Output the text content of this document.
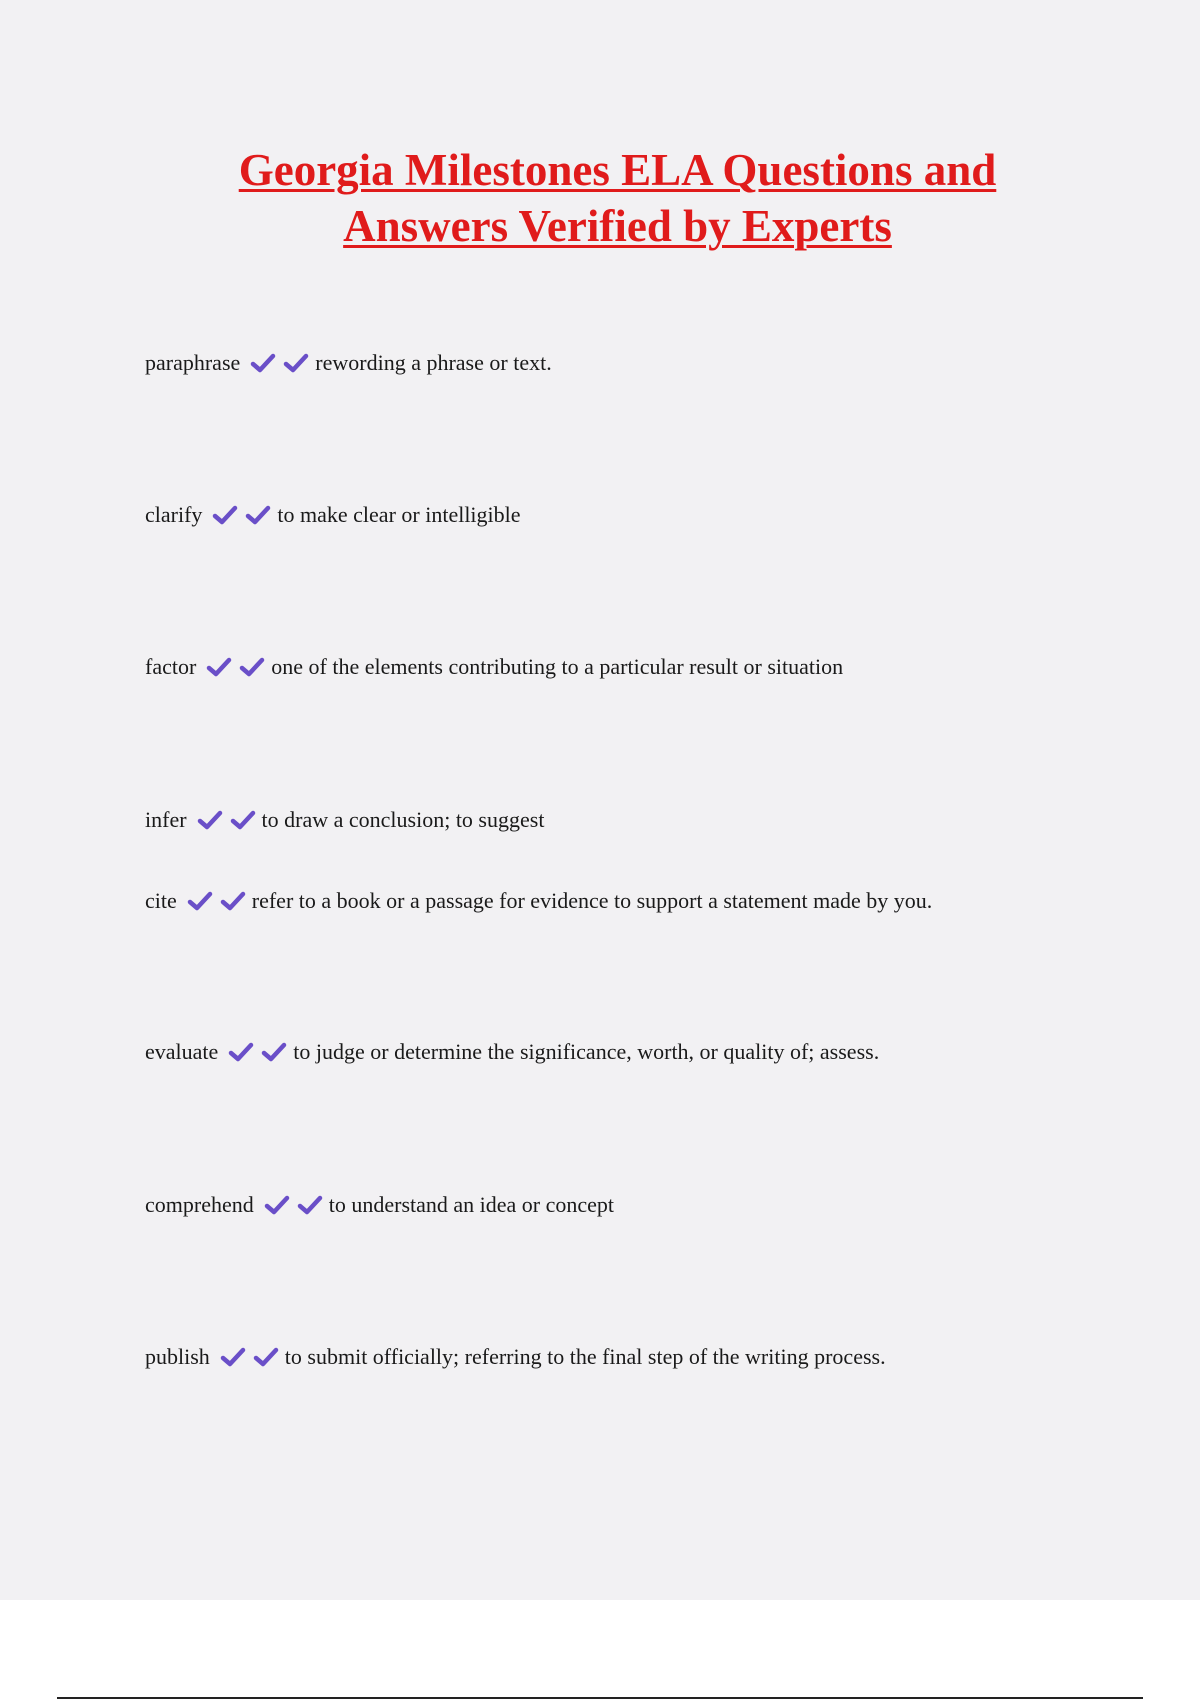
Georgia Milestones ELA Questions and
Answers Verified by Experts
paraphrase	rewording a phrase or text.
clarify	to make clear or intelligible
factor	one of the elements contributing to a particular result or situation
infer	to draw a conclusion; to suggest
cite	refer to a book or a passage for evidence to support a statement made by you.
evaluate	to judge or determine the significance, worth, or quality of; assess.
comprehend	to understand an idea or concept
publish	to submit officially; referring to the final step of the writing process.
